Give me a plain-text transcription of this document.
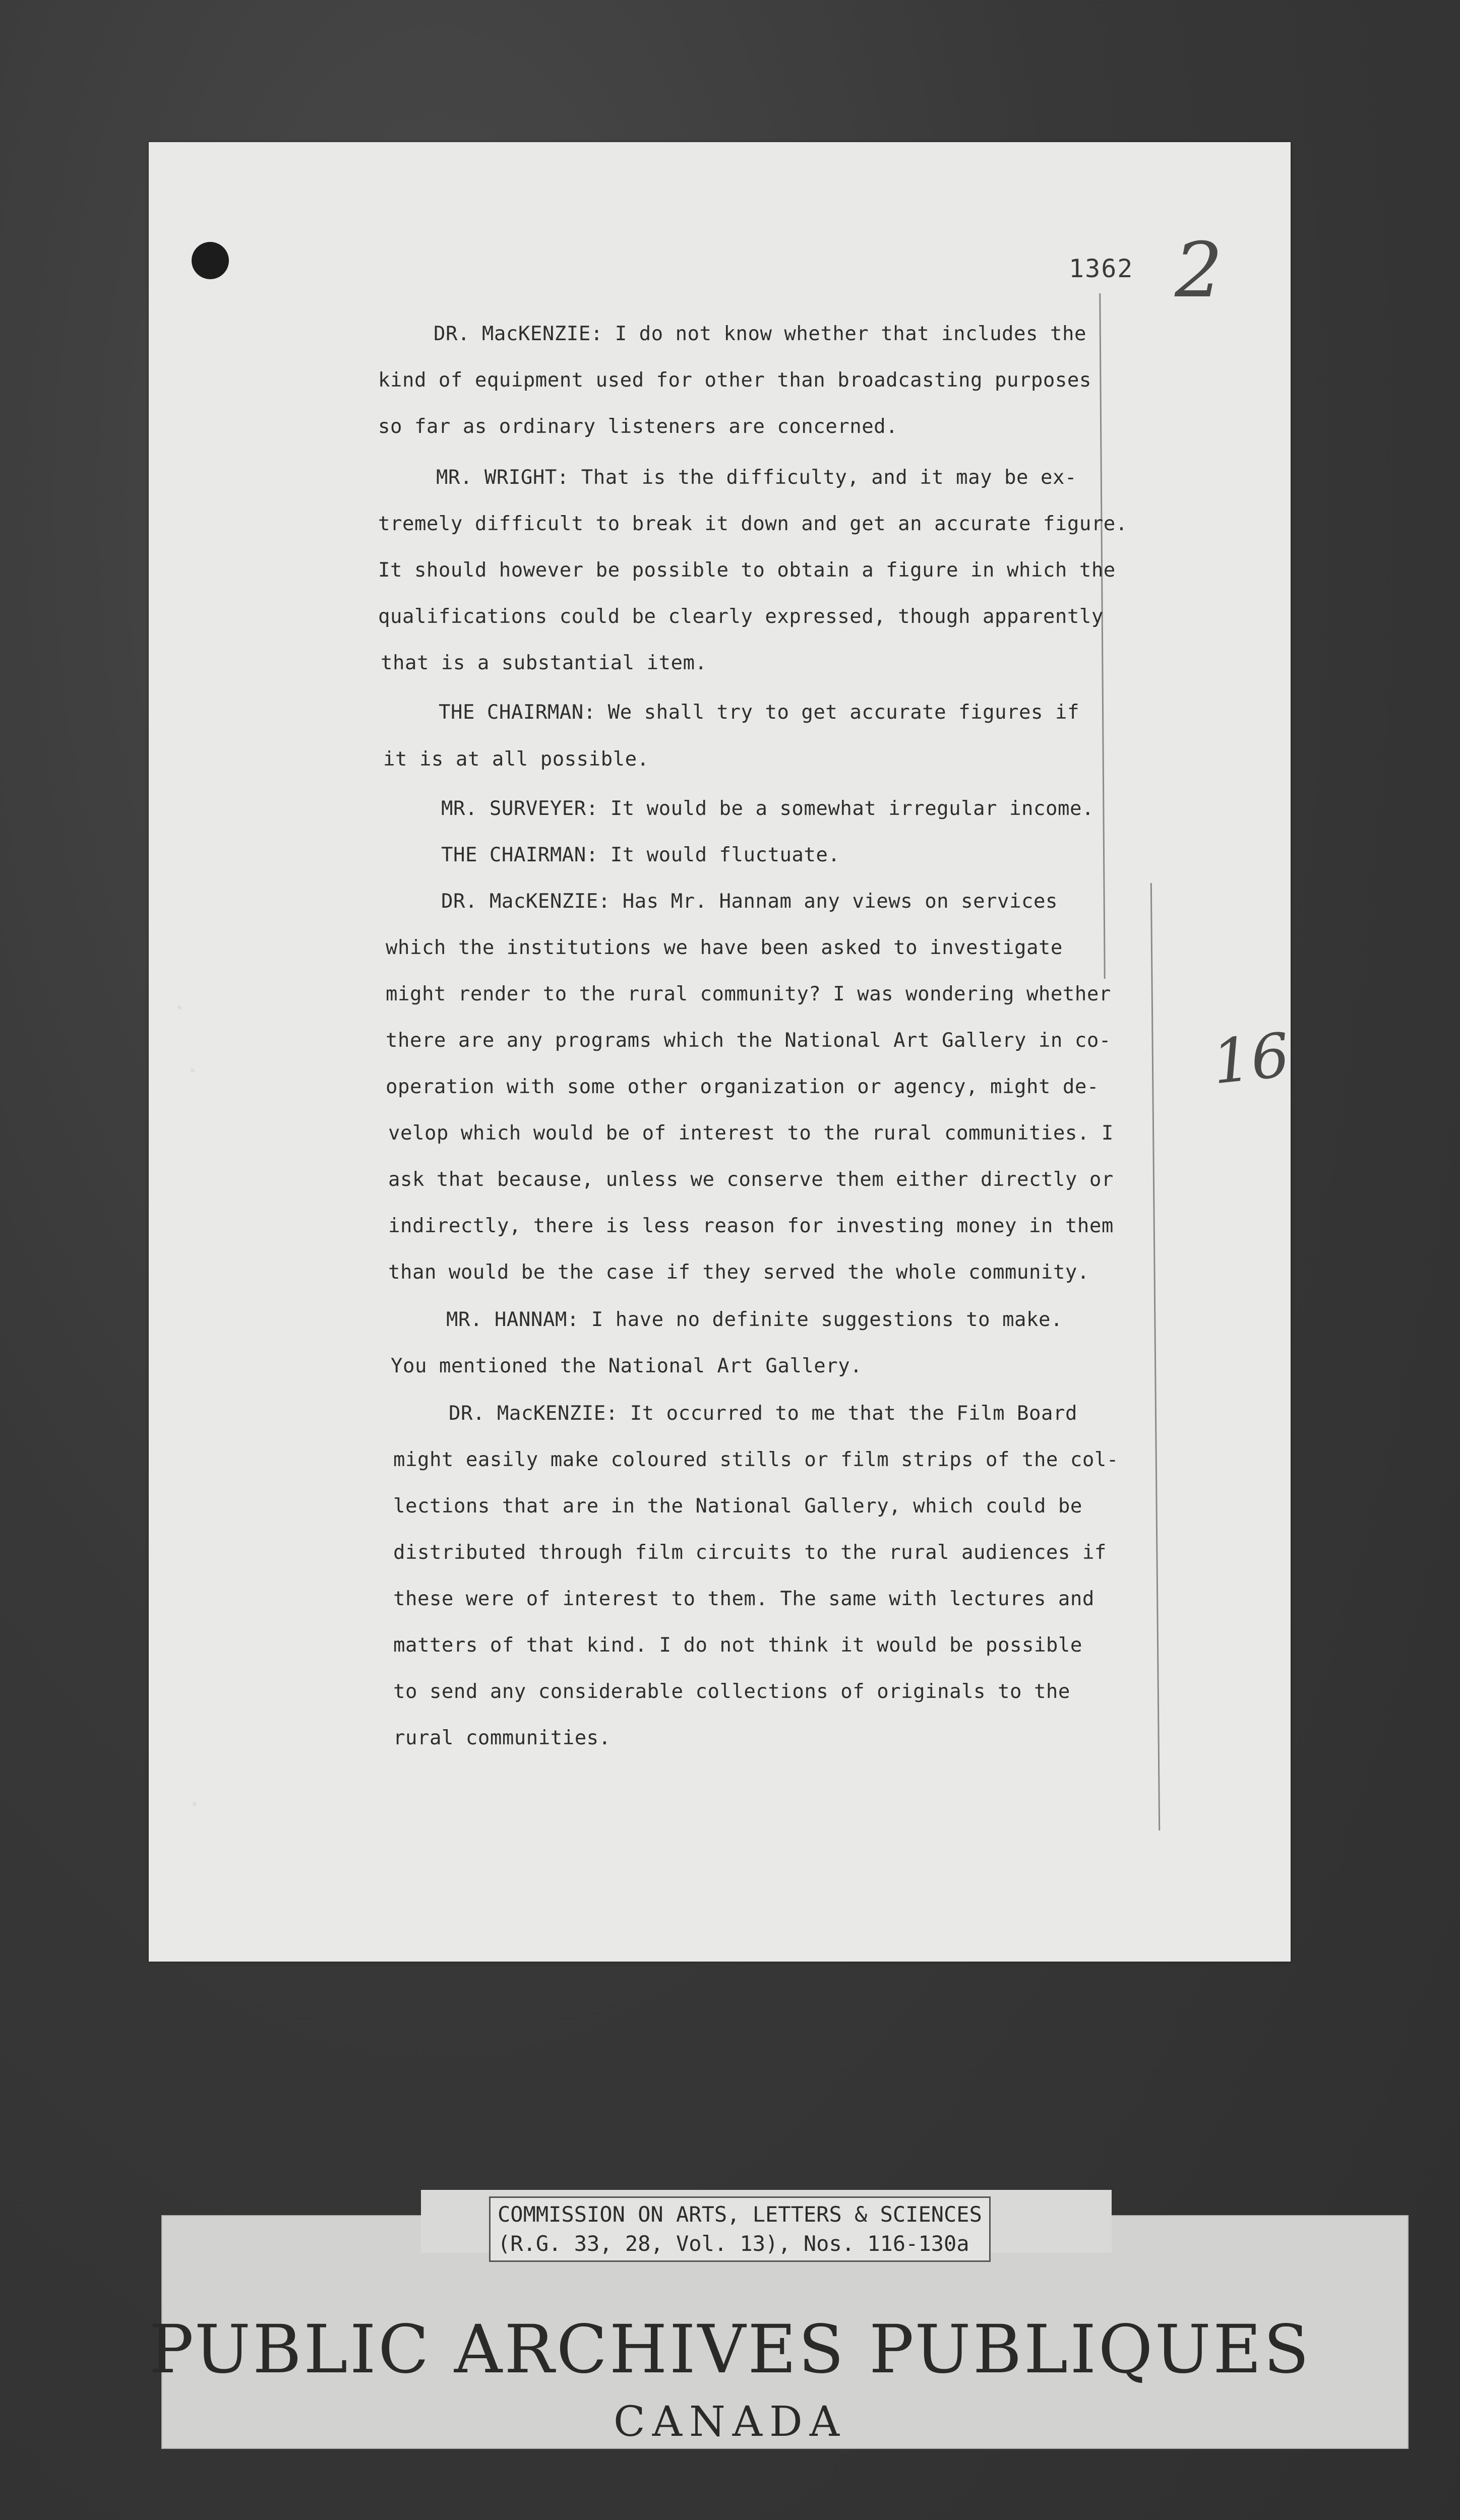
1362 2
16
DR. MacKENZIE: I do not know whether that includes the
kind of equipment used for other than broadcasting purposes
so far as ordinary listeners are concerned.
MR. WRIGHT: That is the difficulty, and it may be ex-
tremely difficult to break it down and get an accurate figure.
It should however be possible to obtain a figure in which the
qualifications could be clearly expressed, though apparently
that is a substantial item.
THE CHAIRMAN: We shall try to get accurate figures if
it is at all possible.
MR. SURVEYER: It would be a somewhat irregular income.
THE CHAIRMAN: It would fluctuate.
DR. MacKENZIE: Has Mr. Hannam any views on services
which the institutions we have been asked to investigate
might render to the rural community? I was wondering whether
there are any programs which the National Art Gallery in co-
operation with some other organization or agency, might de-
velop which would be of interest to the rural communities. I
ask that because, unless we conserve them either directly or
indirectly, there is less reason for investing money in them
than would be the case if they served the whole community.
MR. HANNAM: I have no definite suggestions to make.
You mentioned the National Art Gallery.
DR. MacKENZIE: It occurred to me that the Film Board
might easily make coloured stills or film strips of the col-
lections that are in the National Gallery, which could be
distributed through film circuits to the rural audiences if
these were of interest to them. The same with lectures and
matters of that kind. I do not think it would be possible
to send any considerable collections of originals to the
rural communities.
COMMISSION ON ARTS, LETTERS & SCIENCES
(R.G. 33, 28, Vol. 13), Nos. 116-130a
PUBLIC ARCHIVES PUBLIQUES
CANADA
